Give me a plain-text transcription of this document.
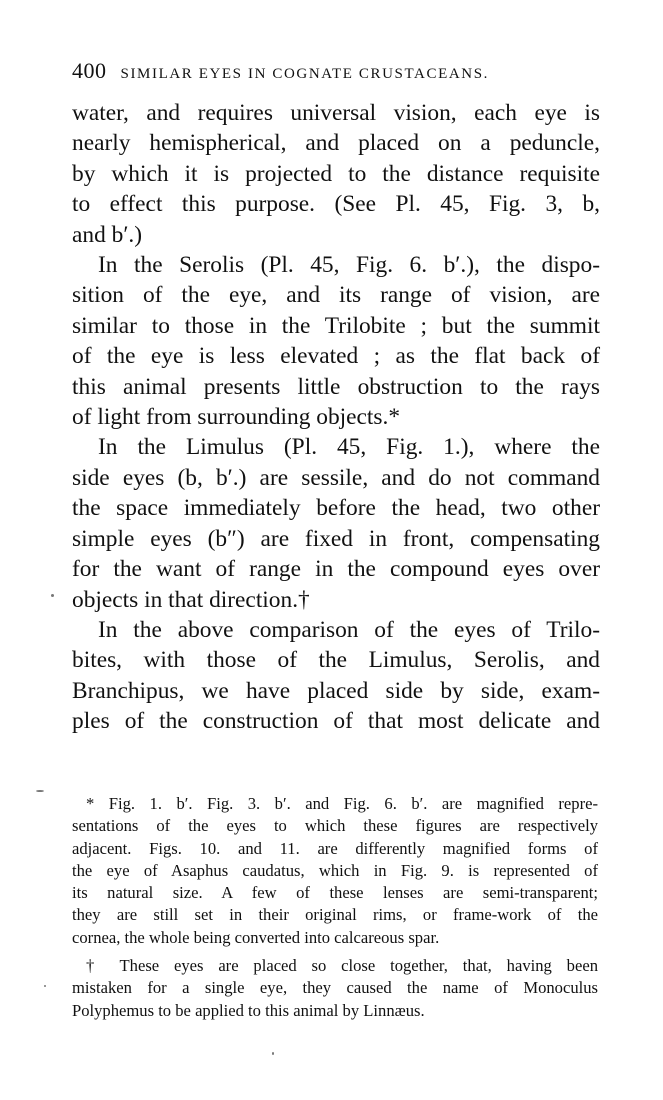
400 SIMILAR EYES IN COGNATE CRUSTACEANS.

water, and requires universal vision, each eye is
nearly hemispherical, and placed on a peduncle,
by which it is projected to the distance requisite
to effect this purpose. (See Pl. 45, Fig. 3, b,
and b′.)

In the Serolis (Pl. 45, Fig. 6. b′.), the dispo-
sition of the eye, and its range of vision, are
similar to those in the Trilobite ; but the summit
of the eye is less elevated ; as the flat back of
this animal presents little obstruction to the rays
of light from surrounding objects.*

In the Limulus (Pl. 45, Fig. 1.), where the
side eyes (b, b′.) are sessile, and do not command
the space immediately before the head, two other
simple eyes (b″) are fixed in front, compensating
for the want of range in the compound eyes over
objects in that direction.†

In the above comparison of the eyes of Trilo-
bites, with those of the Limulus, Serolis, and
Branchipus, we have placed side by side, exam-
ples of the construction of that most delicate and

* Fig. 1. b′. Fig. 3. b′. and Fig. 6. b′. are magnified repre-
sentations of the eyes to which these figures are respectively
adjacent. Figs. 10. and 11. are differently magnified forms of
the eye of Asaphus caudatus, which in Fig. 9. is represented of
its natural size. A few of these lenses are semi-transparent;
they are still set in their original rims, or frame-work of the
cornea, the whole being converted into calcareous spar.

† These eyes are placed so close together, that, having been
mistaken for a single eye, they caused the name of Monoculus
Polyphemus to be applied to this animal by Linnæus.
